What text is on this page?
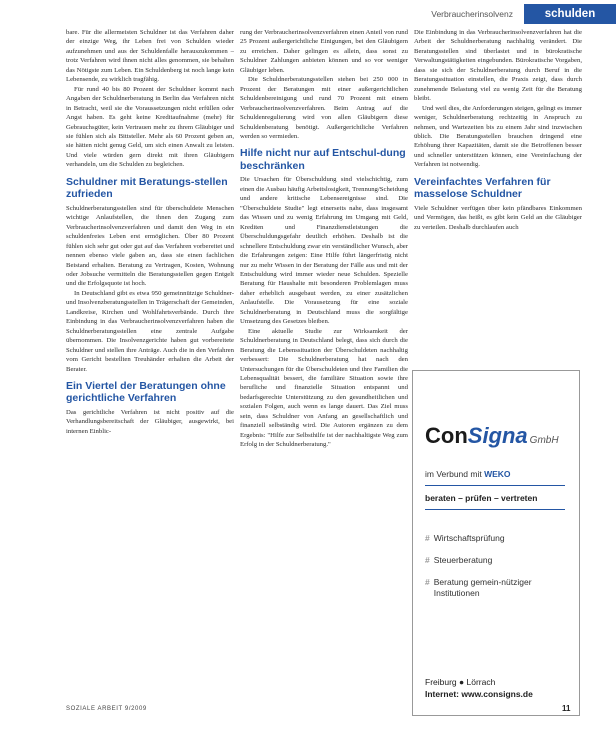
Verbraucherinsolvenz	schulden

bare. Für die allermeisten Schuldner ist das Verfahren daher der einzige Weg, ihr Leben frei von Schulden wieder aufzunehmen und aus der Schuldenfalle herauszukommen – trotz Verfahren wird ihnen nicht alles genommen, sie behalten das Nötigste zum Leben. Ein Schuldenberg ist noch lange kein Lebensende, zu wirklich tragfähig.

Für rund 40 bis 80 Prozent der Schuldner kommt nach Angaben der Schuldnerberatung in Berlin das Verfahren nicht in Betracht, weil sie die Voraussetzungen nicht erfüllen oder Angst haben. Es geht keine Kreditaufnahme (mehr) für Gebrauchsgüter, kein Vertrauen mehr zu ihrem Gläubiger und sie fühlen sich als Bittsteller. Mehr als 60 Prozent geben an, sie hätten nicht genug Geld, um sich einen Anwalt zu leisten. Und viele würden gern direkt mit ihren Gläubigern verhandeln, um die Schulden zu begleichen.

Schuldner mit Beratungs-stellen zufrieden

Schuldnerberatungsstellen sind für überschuldete Menschen wichtige Anlaufstellen, die ihnen den Zugang zum Verbraucherinsolvenzverfahren und damit den Weg in ein schuldenfreies Leben erst ermöglichen. Über 80 Prozent fühlen sich sehr gut oder gut auf das Verfahren vorbereitet und nennen ebenso viele gaben an, dass sie einen fachlichen Beistand erhalten. Beratung zu Vertragen, Kosten, Wohnung oder Jobsuche vermitteln die Beratungsstellen gegen Entgelt und die Erfolgsquote ist hoch.

In Deutschland gibt es etwa 950 gemeinnützige Schuldner- und Insolvenzberatungsstellen in Trägerschaft der Gemeinden, Landkreise, Kirchen und Wohlfahrtsverbände. Durch ihre Einbindung in das Verbraucherinsolvenzverfahren haben die Schuldnerberatungsstellen eine zentrale Aufgabe übernommen. Die Insolvenzgerichte haben gut vorbereitete Schuldner und stellen ihre Anträge. Auch die in den Verfahren vom Gericht bestellten Treuhänder erhalten die Arbeit der Berater.

Ein Viertel der Beratungen ohne gerichtliche Verfahren

Das gerichtliche Verfahren ist nicht positiv auf die Verhandlungsbereitschaft der Gläubiger, ausgewirkt, bei internen Einblic-

rung der Verbraucherinsolvenzverfahren einen Anteil von rund 25 Prozent außergerichtliche Einigungen, bei den Gläubigern zu erreichen. Daher gelingen es allein, dass sonst zu Schuldner Zahlungen anbieten können und so vor weniger Gläubiger leben.

Die Schuldnerberatungsstellen stehen bei 250 000 in Prozent der Beratungen mit einer außergerichtlichen Schuldenbereinigung und rund 70 Prozent mit einem Verbraucherinsolvenzverfahren. Beim Antrag auf die Schuldenregulierung wird von allen Gläubigern diese Schuldenberatung benötigt. Außergerichtliche Verfahren werden so vermieden.

Hilfe nicht nur auf Entschul-dung beschränken

Die Ursachen für Überschuldung sind vielschichtig, zum einen die Ausbau häufig Arbeitslosigkeit, Trennung/Scheidung und andere kritische Lebensereignisse sind. Die "Überschuldete Studie" legt einerseits nahe, dass insgesamt das Wissen und zu wenig Erfahrung im Umgang mit Geld, Krediten und Finanzdienstleistungen die Überschuldungsgefahr deutlich erhöhen. Deshalb ist die schnellere Entschuldung zwar ein verständlicher Wunsch, aber die Erfahrungen zeigen: Eine Hilfe führt längerfristig nicht nur zu mehr Wissen in der Beratung der Fälle aus und mit der Entschuldung wird immer wieder neue Schulden. Spezielle Beratung für Haushalte mit besonderen Problemlagen muss daher erheblich ausgebaut werden, zu einer zusätzlichen Anlaufstelle. Die Vorausetzung für eine soziale Schuldnerberatung in Deutschland muss die sorgfältige Umsetzung des Gesetzes bleiben.

Eine aktuelle Studie zur Wirksamkeit der Schuldnerberatung in Deutschland belegt, dass sich durch die Beratung die Lebenssituation der Überschuldeten nachhaltig verbessert: Die Schuldnerberatung hat nach den Untersuchungen für die Überschuldeten und ihre Familien die Lebensqualität bessert, die familiäre Situation sowie ihre berufliche und finanzielle Situation entspannt und bedarfsgerechte Unterstützung zu den gesundheitlichen und sozialen Folgen, auch wenn es lange dauert. Das Ziel muss sein, dass Schuldner von Anfang an gesellschaftlich und finanziell selbständig wird. Die Autoren ergänzen zu dem Ergebnis: "Hilfe zur Selbsthilfe ist der nachhaltigste Weg zum Erfolg in der Schuldnerberatung."

Die Einbindung in das Verbraucherinsolvenzverfahren hat die Arbeit der Schuldnerberatung nachhaltig verändert. Die Beratungsstellen sind überlastet und in bürokratische Verwaltungstätigkeiten eingebunden. Bürokratische Vorgaben, dass sie sich der Schuldnerberatung durch Beruf in die Beratungssituation einstellen, die Praxis zeigt, dass durch zunehmende Belastung viel zu wenig Zeit für die Beratung bleibt.

Und weil dies, die Anforderungen steigen, gelingt es immer weniger, Schuldnerberatung rechtzeitig in Anspruch zu nehmen, und Wartezeiten bis zu einem Jahr sind inzwischen üblich. Die Beratungsstellen brauchen dringend eine Erhöhung ihrer Kapazitäten, damit sie die Betroffenen besser und schneller unterstützen können, eine Vereinfachung der Verfahren ist notwendig.

Vereinfachtes Verfahren für masselose Schuldner

Viele Schuldner verfügen über kein pfändbares Einkommen und Vermögen, das heißt, es gibt kein Geld an die Gläubiger zu verteilen. Deshalb durchlaufen auch

ConSigna GmbH
im Verbund mit WEKO
beraten – prüfen – vertreten
# Wirtschaftsprüfung
# Steuerberatung
# Beratung gemein-nütziger Institutionen
Freiburg ● Lörrach
Internet: www.consigns.de
SOZIALE ARBEIT 9/2009	11
